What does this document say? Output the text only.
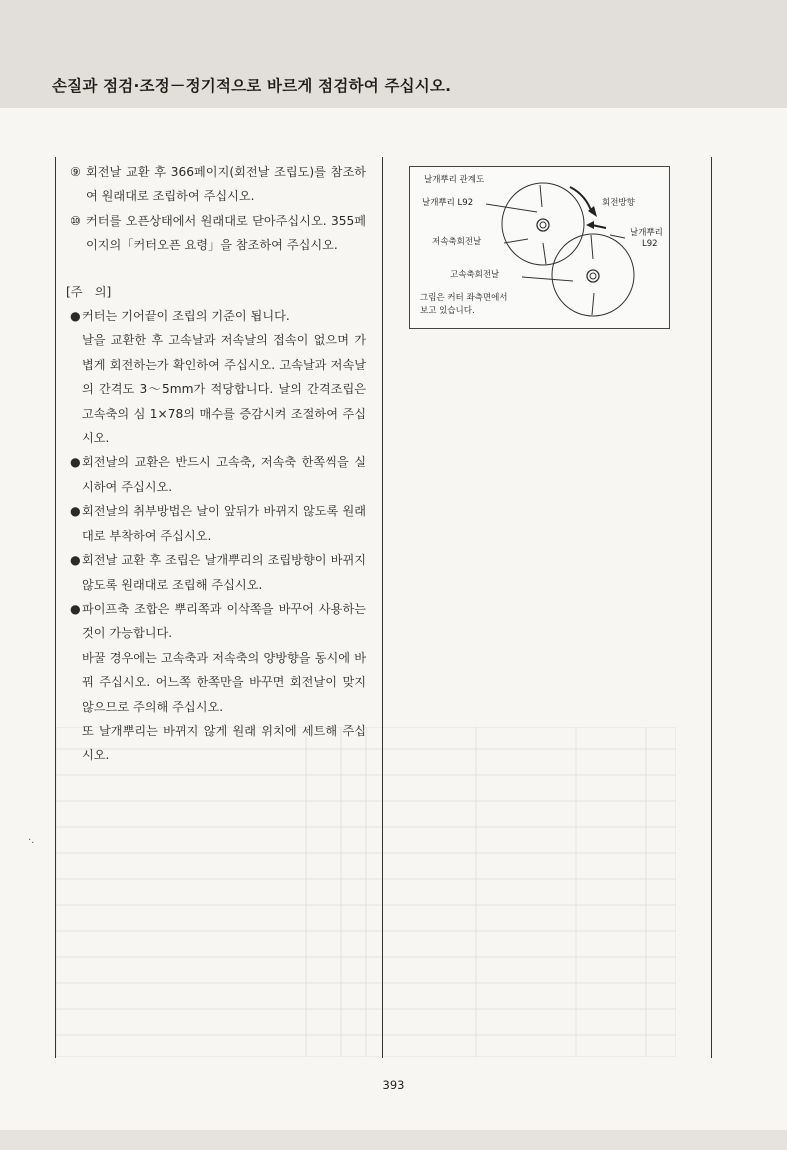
손질과 점검·조정－정기적으로 바르게 점검하여 주십시오.
⑨ 회전날 교환 후 366페이지(회전날 조립도)를 참조하여 원래대로 조립하여 주십시오.
⑩ 커터를 오픈상태에서 원래대로 닫아주십시오. 355페이지의「커터오픈 요령」을 참조하여 주십시오.
[주　의]
● 커터는 기어끝이 조립의 기준이 됩니다.
날을 교환한 후 고속날과 저속날의 접속이 없으며 가볍게 회전하는가 확인하여 주십시오. 고속날과 저속날의 간격도 3～5mm가 적당합니다. 날의 간격조립은 고속축의 심 1×78의 매수를 증감시켜 조절하여 주십시오.
● 회전날의 교환은 반드시 고속축, 저속축 한쪽씩을 실시하여 주십시오.
● 회전날의 취부방법은 날이 앞뒤가 바뀌지 않도록 원래대로 부착하여 주십시오.
● 회전날 교환 후 조립은 날개뿌리의 조립방향이 바뀌지 않도록 원래대로 조립해 주십시오.
● 파이프축 조합은 뿌리쪽과 이삭쪽을 바꾸어 사용하는 것이 가능합니다.
바꿀 경우에는 고속축과 저속축의 양방향을 동시에 바꿔 주십시오. 어느쪽 한쪽만을 바꾸면 회전날이 맞지 않으므로 주의해 주십시오.
또 날개뿌리는 바뀌지 않게 원래 위치에 세트해 주십시오.
날개뿌리 관계도
날개뿌리 L92	회전방향
날개뿌리
L92
저속축회전날
고속축회전날
그림은 커터 좌측면에서
보고 있습니다.
·.
393
